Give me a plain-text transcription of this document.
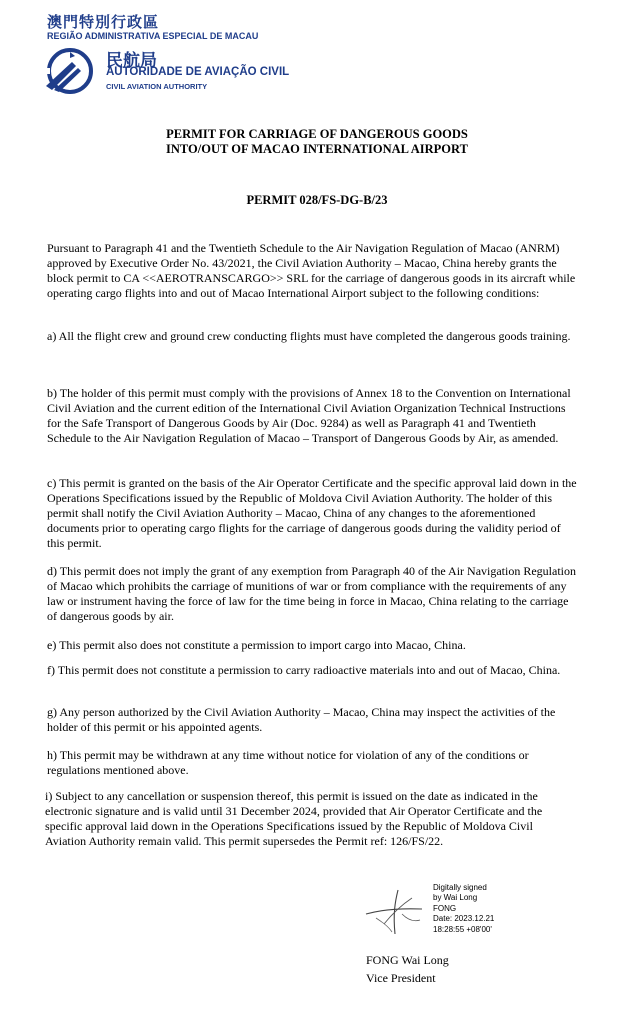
澳門特別行政區
REGIÃO ADMINISTRATIVA ESPECIAL DE MACAU
民航局
AUTORIDADE DE AVIAÇÃO CIVIL
CIVIL AVIATION AUTHORITY
PERMIT FOR CARRIAGE OF DANGEROUS GOODS
INTO/OUT OF MACAO INTERNATIONAL AIRPORT
PERMIT 028/FS-DG-B/23
Pursuant to Paragraph 41 and the Twentieth Schedule to the Air Navigation Regulation of Macao (ANRM) approved by Executive Order No. 43/2021, the Civil Aviation Authority – Macao, China hereby grants the block permit to CA <<AEROTRANSCARGO>> SRL for the carriage of dangerous goods in its aircraft while operating cargo flights into and out of Macao International Airport subject to the following conditions:
a) All the flight crew and ground crew conducting flights must have completed the dangerous goods training.
b) The holder of this permit must comply with the provisions of Annex 18 to the Convention on International Civil Aviation and the current edition of the International Civil Aviation Organization Technical Instructions for the Safe Transport of Dangerous Goods by Air (Doc. 9284) as well as Paragraph 41 and Twentieth Schedule to the Air Navigation Regulation of Macao – Transport of Dangerous Goods by Air, as amended.
c) This permit is granted on the basis of the Air Operator Certificate and the specific approval laid down in the Operations Specifications issued by the Republic of Moldova Civil Aviation Authority. The holder of this permit shall notify the Civil Aviation Authority – Macao, China of any changes to the aforementioned documents prior to operating cargo flights for the carriage of dangerous goods during the validity period of this permit.
d) This permit does not imply the grant of any exemption from Paragraph 40 of the Air Navigation Regulation of Macao which prohibits the carriage of munitions of war or from compliance with the requirements of any law or instrument having the force of law for the time being in force in Macao, China relating to the carriage of dangerous goods by air.
e) This permit also does not constitute a permission to import cargo into Macao, China.
f) This permit does not constitute a permission to carry radioactive materials into and out of Macao, China.
g) Any person authorized by the Civil Aviation Authority – Macao, China may inspect the activities of the holder of this permit or his appointed agents.
h) This permit may be withdrawn at any time without notice for violation of any of the conditions or regulations mentioned above.
i) Subject to any cancellation or suspension thereof, this permit is issued on the date as indicated in the electronic signature and is valid until 31 December 2024, provided that Air Operator Certificate and the specific approval laid down in the Operations Specifications issued by the Republic of Moldova Civil Aviation Authority remain valid. This permit supersedes the Permit ref: 126/FS/22.
Digitally signed
by Wai Long
FONG
Date: 2023.12.21
18:28:55 +08'00'
FONG Wai Long
Vice President
